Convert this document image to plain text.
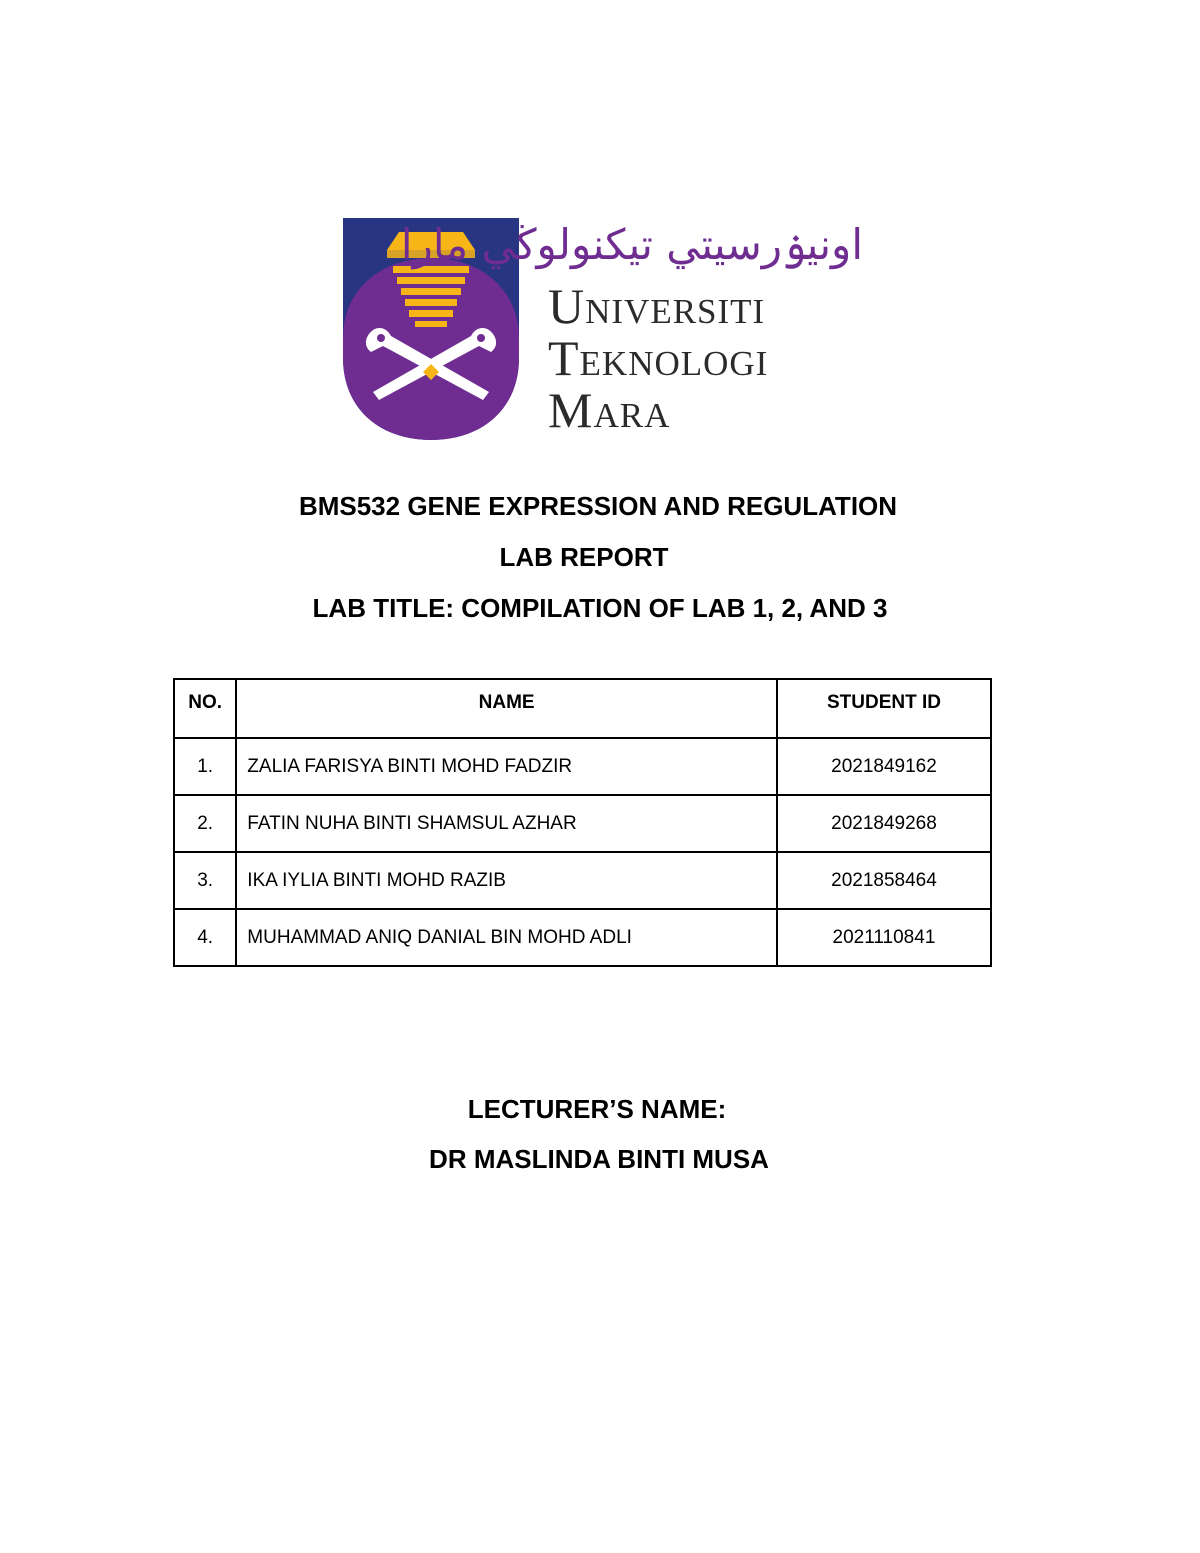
اونيۏرسيتي تيكنولوڬي مارا
Universiti
Teknologi
Mara
BMS532 GENE EXPRESSION AND REGULATION
LAB REPORT
LAB TITLE: COMPILATION OF LAB 1, 2, AND 3
NO.	NAME	STUDENT ID
1.	ZALIA FARISYA BINTI MOHD FADZIR	2021849162
2.	FATIN NUHA BINTI SHAMSUL AZHAR	2021849268
3.	IKA IYLIA BINTI MOHD RAZIB	2021858464
4.	MUHAMMAD ANIQ DANIAL BIN MOHD ADLI	2021110841
LECTURER’S NAME:
DR MASLINDA BINTI MUSA
